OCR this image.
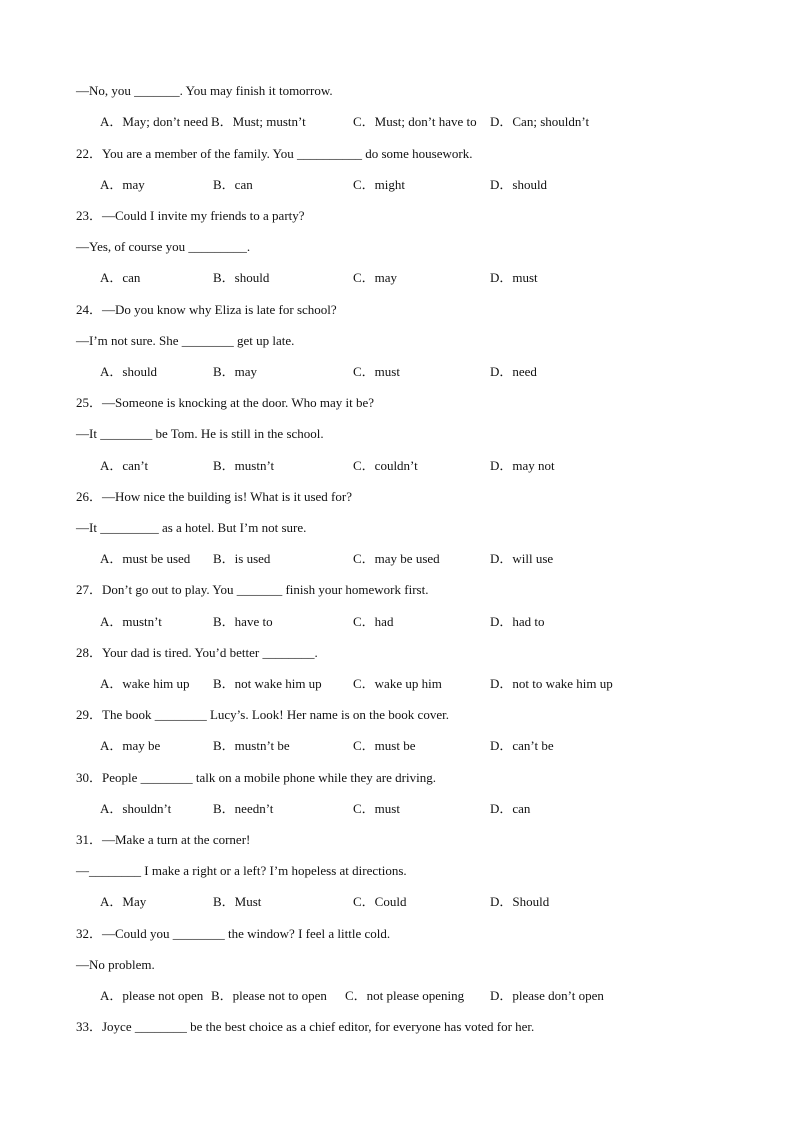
—No, you _______. You may finish it tomorrow.
A．May; don’t need B．Must; mustn’t	C．Must; don’t have to D．Can; shouldn’t
22．You are a member of the family. You __________ do some housework.
A．may	B．can	C．might	D．should
23．—Could I invite my friends to a party?
—Yes, of course you _________.
A．can	B．should	C．may	D．must
24．—Do you know why Eliza is late for school?
—I’m not sure. She ________ get up late.
A．should	B．may	C．must	D．need
25．—Someone is knocking at the door. Who may it be?
—It ________ be Tom. He is still in the school.
A．can’t	B．mustn’t	C．couldn’t	D．may not
26．—How nice the building is! What is it used for?
—It _________ as a hotel. But I’m not sure.
A．must be used B．is used	C．may be used	D．will use
27．Don’t go out to play. You _______ finish your homework first.
A．mustn’t	B．have to	C．had	D．had to
28．Your dad is tired. You’d better ________.
A．wake him up B．not wake him up C．wake up him	D．not to wake him up
29．The book ________ Lucy’s. Look! Her name is on the book cover.
A．may be	B．mustn’t be	C．must be	D．can’t be
30．People ________ talk on a mobile phone while they are driving.
A．shouldn’t	B．needn’t	C．must	D．can
31．—Make a turn at the corner!
—________ I make a right or a left? I’m hopeless at directions.
A．May	B．Must	C．Could	D．Should
32．—Could you ________ the window? I feel a little cold.
—No problem.
A．please not open B．please not to open C．not please opening D．please don’t open
33．Joyce ________ be the best choice as a chief editor, for everyone has voted for her.
